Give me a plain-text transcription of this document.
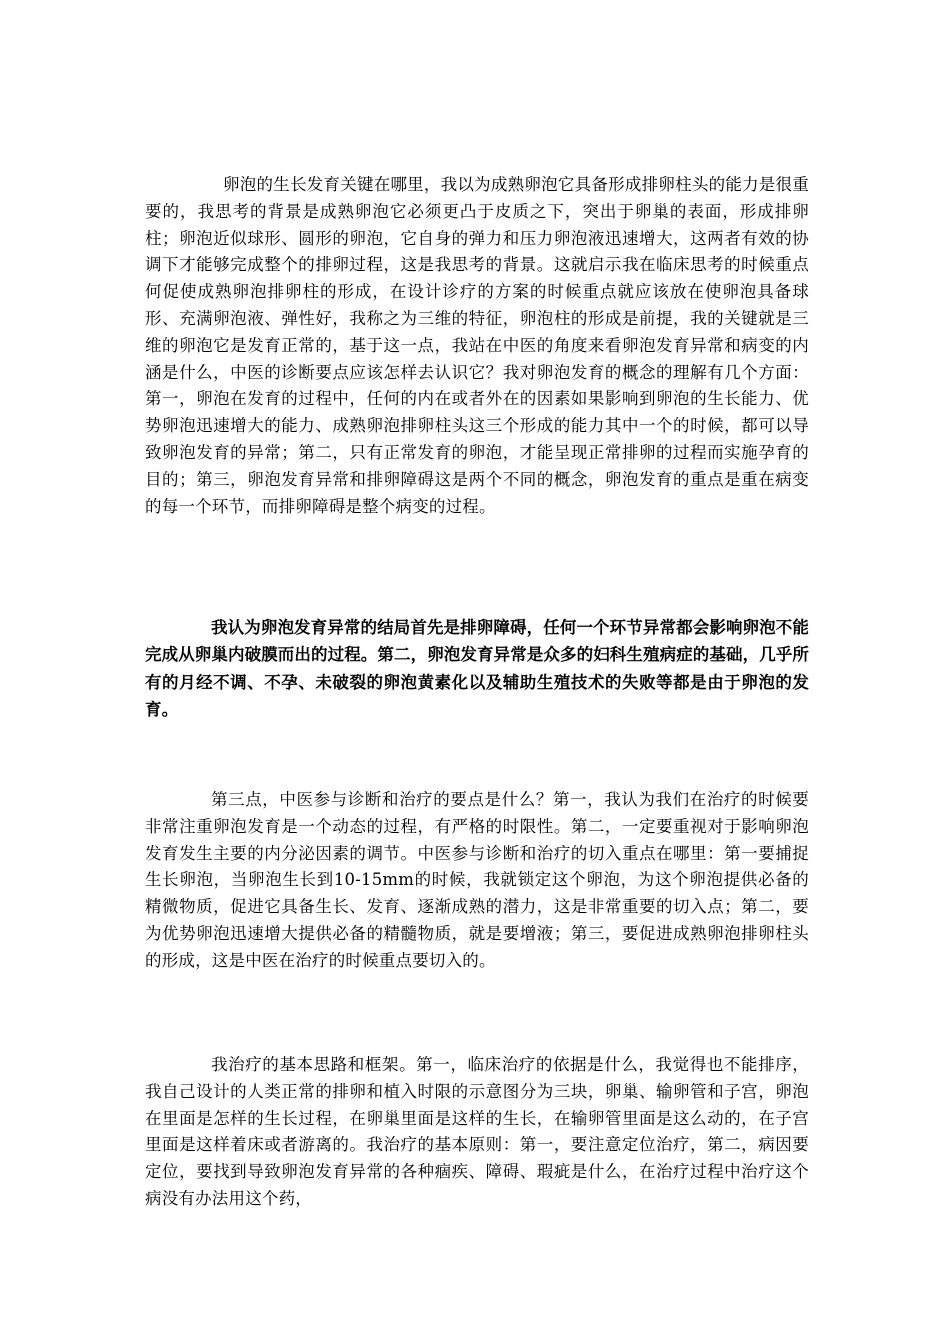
卵泡的生长发育关键在哪里，我以为成熟卵泡它具备形成排卵柱头的能力是很重要的，我思考的背景是成熟卵泡它必须更凸于皮质之下，突出于卵巢的表面，形成排卵柱；卵泡近似球形、圆形的卵泡，它自身的弹力和压力卵泡液迅速增大，这两者有效的协调下才能够完成整个的排卵过程，这是我思考的背景。这就启示我在临床思考的时候重点何促使成熟卵泡排卵柱的形成，在设计诊疗的方案的时候重点就应该放在使卵泡具备球形、充满卵泡液、弹性好，我称之为三维的特征，卵泡柱的形成是前提，我的关键就是三维的卵泡它是发育正常的，基于这一点，我站在中医的角度来看卵泡发育异常和病变的内涵是什么，中医的诊断要点应该怎样去认识它？我对卵泡发育的概念的理解有几个方面：第一，卵泡在发育的过程中，任何的内在或者外在的因素如果影响到卵泡的生长能力、优势卵泡迅速增大的能力、成熟卵泡排卵柱头这三个形成的能力其中一个的时候，都可以导致卵泡发育的异常；第二，只有正常发育的卵泡，才能呈现正常排卵的过程而实施孕育的目的；第三，卵泡发育异常和排卵障碍这是两个不同的概念，卵泡发育的重点是重在病变的每一个环节，而排卵障碍是整个病变的过程。

我认为卵泡发育异常的结局首先是排卵障碍，任何一个环节异常都会影响卵泡不能完成从卵巢内破膜而出的过程。第二，卵泡发育异常是众多的妇科生殖病症的基础，几乎所有的月经不调、不孕、未破裂的卵泡黄素化以及辅助生殖技术的失败等都是由于卵泡的发育。

第三点，中医参与诊断和治疗的要点是什么？第一，我认为我们在治疗的时候要非常注重卵泡发育是一个动态的过程，有严格的时限性。第二，一定要重视对于影响卵泡发育发生主要的内分泌因素的调节。中医参与诊断和治疗的切入重点在哪里：第一要捕捉生长卵泡，当卵泡生长到10-15mm的时候，我就锁定这个卵泡，为这个卵泡提供必备的精微物质，促进它具备生长、发育、逐渐成熟的潜力，这是非常重要的切入点；第二，要为优势卵泡迅速增大提供必备的精髓物质，就是要增液；第三，要促进成熟卵泡排卵柱头的形成，这是中医在治疗的时候重点要切入的。

我治疗的基本思路和框架。第一，临床治疗的依据是什么，我觉得也不能排序，我自己设计的人类正常的排卵和植入时限的示意图分为三块，卵巢、输卵管和子宫，卵泡在里面是怎样的生长过程，在卵巢里面是这样的生长，在输卵管里面是这么动的，在子宫里面是这样着床或者游离的。我治疗的基本原则：第一，要注意定位治疗，第二，病因要定位，要找到导致卵泡发育异常的各种痼疾、障碍、瑕疵是什么，在治疗过程中治疗这个病没有办法用这个药，
